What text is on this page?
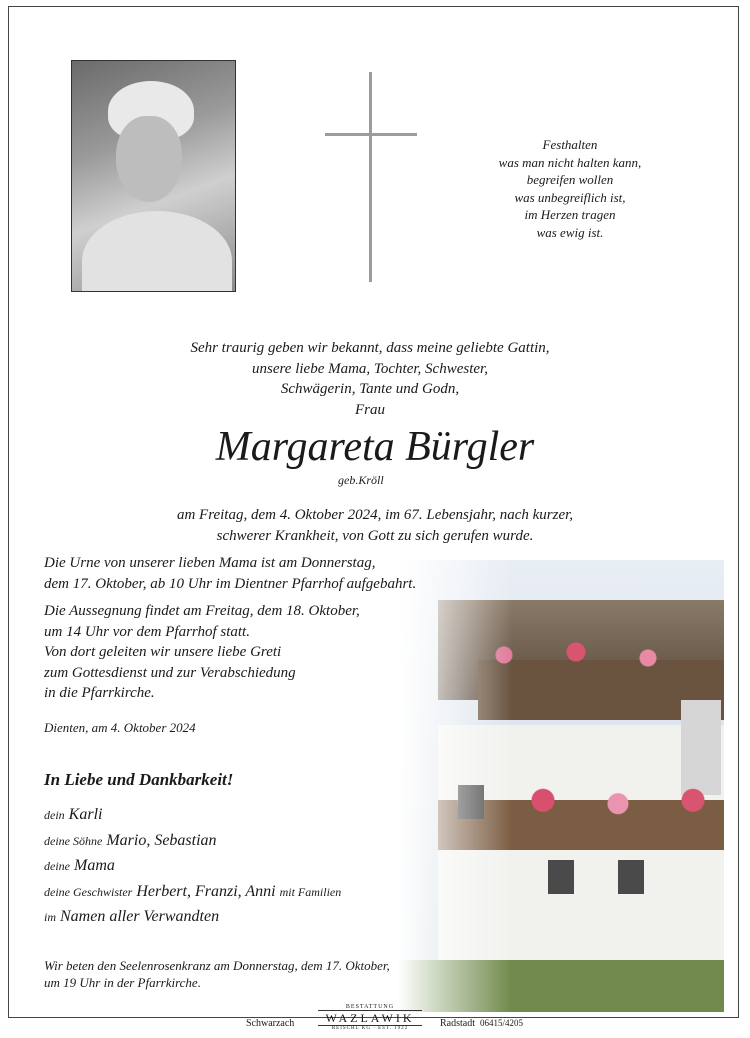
Festhalten
was man nicht halten kann,
begreifen wollen
was unbegreiflich ist,
im Herzen tragen
was ewig ist.
Sehr traurig geben wir bekannt, dass meine geliebte Gattin,
unsere liebe Mama, Tochter, Schwester,
Schwägerin, Tante und Godn,
Frau
Margareta Bürgler
geb.Kröll
am Freitag, dem 4. Oktober 2024, im 67. Lebensjahr, nach kurzer,
schwerer Krankheit, von Gott zu sich gerufen wurde.
Die Urne von unserer lieben Mama ist am Donnerstag,
dem 17. Oktober, ab 10 Uhr im Dientner Pfarrhof aufgebahrt.
Die Aussegnung findet am Freitag, dem 18. Oktober,
um 14 Uhr vor dem Pfarrhof statt.
Von dort geleiten wir unsere liebe Greti
zum Gottesdienst und zur Verabschiedung
in die Pfarrkirche.
Dienten, am 4. Oktober 2024
In Liebe und Dankbarkeit!
dein Karli
deine Söhne Mario, Sebastian
deine Mama
deine Geschwister Herbert, Franzi, Anni mit Familien
im Namen aller Verwandten
Wir beten den Seelenrosenkranz am Donnerstag, dem 17. Oktober,
um 19 Uhr in der Pfarrkirche.
Schwarzach
BESTATTUNG
WAZLAWIK
REISCHL KG · EST. 1922	Radstadt 06415/4205
